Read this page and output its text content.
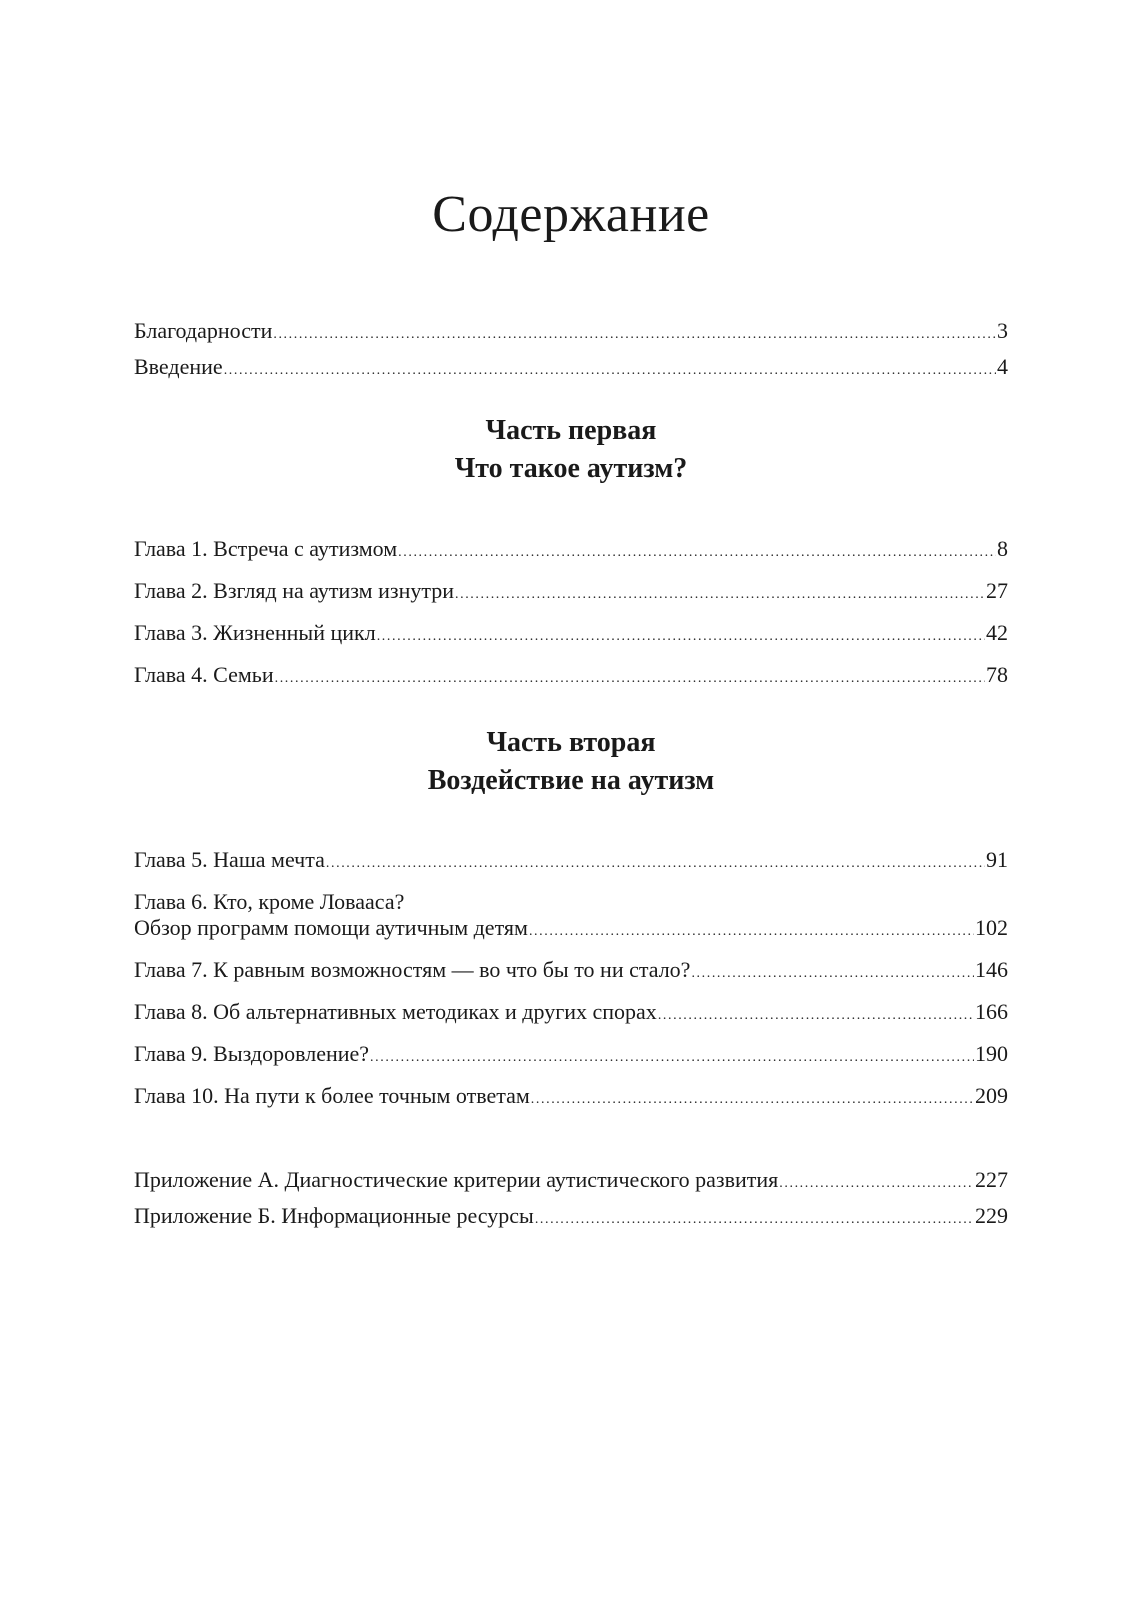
Содержание
Благодарности .....	3
Введение .....	4
Часть первая
Что такое аутизм?
Глава 1. Встреча с аутизмом .....	8
Глава 2. Взгляд на аутизм изнутри .....	27
Глава 3. Жизненный цикл .....	42
Глава 4. Семьи .....	78
Часть вторая
Воздействие на аутизм
Глава 5. Наша мечта .....	91
Глава 6. Кто, кроме Ловааса?
Обзор программ помощи аутичным детям .....	102
Глава 7. К равным возможностям — во что бы то ни стало? .....	146
Глава 8. Об альтернативных методиках и других спорах .....	166
Глава 9. Выздоровление? .....	190
Глава 10. На пути к более точным ответам .....	209
Приложение А. Диагностические критерии аутистического развития .....	227
Приложение Б. Информационные ресурсы .....	229
